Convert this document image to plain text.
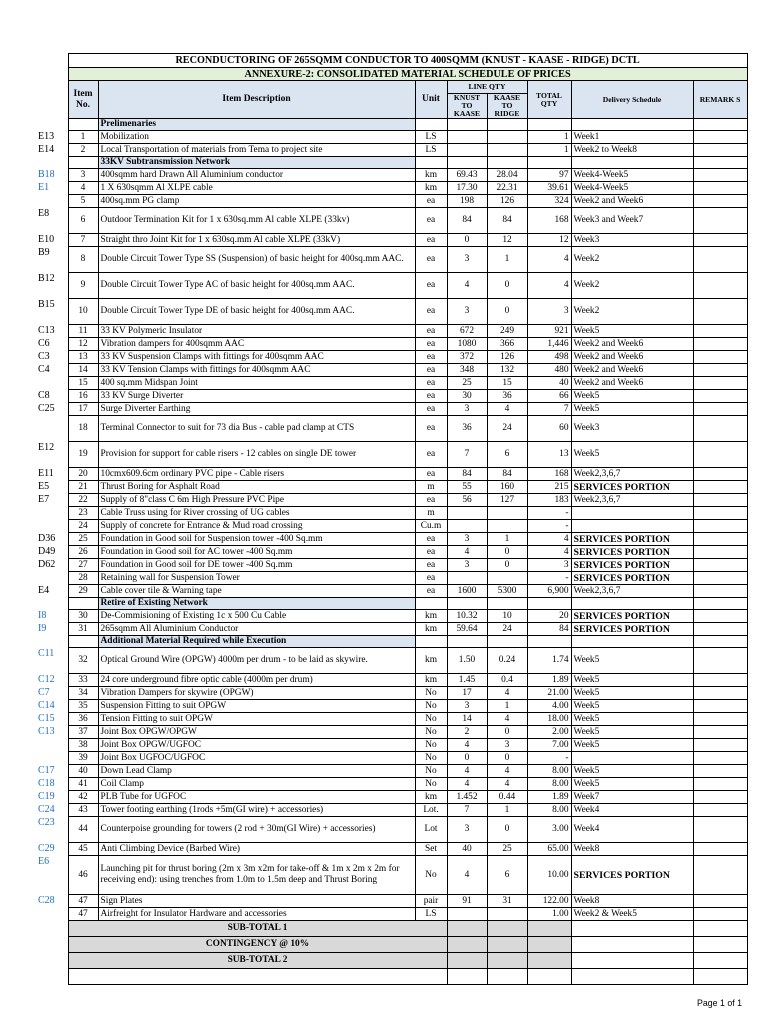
	RECONDUCTORING OF 265SQMM CONDUCTOR TO 400SQMM (KNUST - KAASE - RIDGE) DCTL							
	ANNEXURE-2: CONSOLIDATED MATERIAL SCHEDULE OF PRICES							
	Item No.	Item Description	Unit	LINE QTY		TOTAL QTY	Delivery Schedule	REMARK S
				KNUST TO KAASE	KAASE TO RIDGE			
		Prelimenaries						
E13	1	Mobilization	LS			1	Week1	
E14	2	Local Transportation of materials from Tema to project site	LS			1	Week2 to Week8	
		33KV Subtransmission Network						
B18	3	400sqmm hard Drawn All Aluminium conductor	km	69.43	28.04	97	Week4-Week5	
E1	4	1 X 630sqmm Al XLPE cable	km	17.30	22.31	39.61	Week4-Week5	
	5	400sq.mm PG clamp	ea	198	126	324	Week2 and Week6	
E8	6	Outdoor Termination Kit for 1 x 630sq.mm Al cable XLPE (33kv)	ea	84	84	168	Week3 and Week7	
E10	7	Straight thro Joint Kit for 1 x 630sq.mm Al cable XLPE (33kV)	ea	0	12	12	Week3	
B9	8	Double Circuit Tower Type SS (Suspension) of basic height for 400sq.mm AAC.	ea	3	1	4	Week2	
B12	9	Double Circuit Tower Type AC of basic height for 400sq.mm AAC.	ea	4	0	4	Week2	
B15	10	Double Circuit Tower Type DE of basic height for 400sq.mm AAC.	ea	3	0	3	Week2	
C13	11	33 KV Polymeric Insulator	ea	672	249	921	Week5	
C6	12	Vibration dampers for 400sqmm AAC	ea	1080	366	1,446	Week2 and Week6	
C3	13	33 KV Suspension Clamps with fittings for 400sqmm AAC	ea	372	126	498	Week2 and Week6	
C4	14	33 KV Tension Clamps with fittings for 400sqmm AAC	ea	348	132	480	Week2 and Week6	
	15	400 sq.mm Midspan Joint	ea	25	15	40	Week2 and Week6	
C8	16	33 KV Surge Diverter	ea	30	36	66	Week5	
C25	17	Surge Diverter Earthing	ea	3	4	7	Week5	
	18	Terminal Connector to suit for 73 dia Bus - cable pad clamp at CTS	ea	36	24	60	Week3	
E12	19	Provision for support for cable risers - 12 cables on single DE tower	ea	7	6	13	Week5	
E11	20	10cmx609.6cm ordinary PVC pipe - Cable risers	ea	84	84	168	Week2,3,6,7	
E5	21	Thrust Boring for Asphalt Road	m	55	160	215	SERVICES PORTION	
E7	22	Supply of 8"class C 6m High Pressure PVC Pipe	ea	56	127	183	Week2,3,6,7	
	23	Cable Truss using for River crossing of UG cables	m			-		
	24	Supply of concrete for Entrance & Mud road crossing	Cu.m			-		
D36	25	Foundation in Good soil for Suspension tower -400 Sq.mm	ea	3	1	4	SERVICES PORTION	
D49	26	Foundation in Good soil for AC tower -400 Sq.mm	ea	4	0	4	SERVICES PORTION	
D62	27	Foundation in Good soil for DE tower -400 Sq.mm	ea	3	0	3	SERVICES PORTION	
	28	Retaining wall for Suspension Tower	ea			-	SERVICES PORTION	
E4	29	Cable cover tile & Warning tape	ea	1600	5300	6,900	Week2,3,6,7	
		Retire of Existing Network						
I8	30	De-Commisioning of Existing 1c x 500 Cu Cable	km	10.32	10	20	SERVICES PORTION	
I9	31	265sqmm All Aluminium Conductor	km	59.64	24	84	SERVICES PORTION	
		Additional Material Required while Execution						
C11	32	Optical Ground Wire (OPGW) 4000m per drum - to be laid as skywire.	km	1.50	0.24	1.74	Week5	
C12	33	24 core underground fibre optic cable (4000m per drum)	km	1.45	0.4	1.89	Week5	
C7	34	Vibration Dampers for skywire (OPGW)	No	17	4	21.00	Week5	
C14	35	Suspension Fitting to suit OPGW	No	3	1	4.00	Week5	
C15	36	Tension Fitting to suit OPGW	No	14	4	18.00	Week5	
C13	37	Joint Box OPGW/OPGW	No	2	0	2.00	Week5	
	38	Joint Box OPGW/UGFOC	No	4	3	7.00	Week5	
	39	Joint Box UGFOC/UGFOC	No	0	0	-		
C17	40	Down Lead Clamp	No	4	4	8.00	Week5	
C18	41	Coil Clamp	No	4	4	8.00	Week5	
C19	42	PLB Tube for UGFOC	km	1.452	0.44	1.89	Week7	
C24	43	Tower footing earthing (1rods +5m(GI wire) + accessories)	Lot.	7	1	8.00	Week4	
C23	44	Counterpoise grounding for towers (2 rod + 30m(GI Wire) + accessories)	Lot	3	0	3.00	Week4	
C29	45	Anti Climbing Device (Barbed Wire)	Set	40	25	65.00	Week8	
E6	46	Launching pit for thrust boring (2m x 3m x2m for take-off & 1m x 2m x 2m for receiving end): using trenches from 1.0m to 1.5m deep and Thrust Boring	No	4	6	10.00	SERVICES PORTION	
C28	47	Sign Plates	pair	91	31	122.00	Week8	
	47	Airfreight for Insulator Hardware and accessories	LS			1.00	Week2 & Week5	
	SUB-TOTAL 1							
	CONTINGENCY @ 10%							
	SUB-TOTAL 2							

Page 1 of 1
